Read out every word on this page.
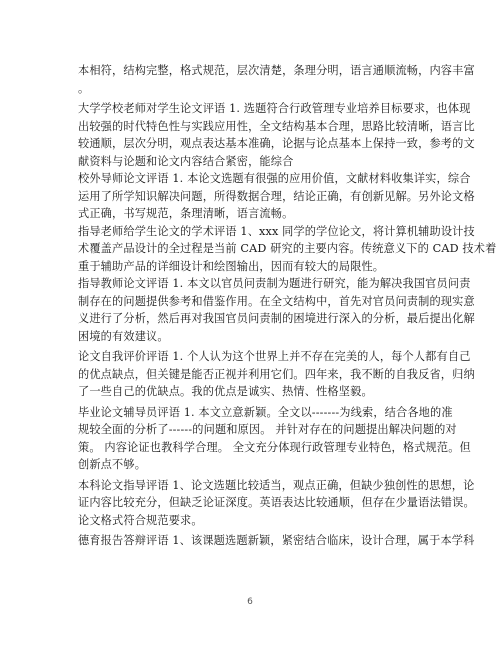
本相符，结构完整，格式规范，层次清楚，条理分明，语言通顺流畅，内容丰富
。
大学学校老师对学生论文评语 1. 选题符合行政管理专业培养目标要求，也体现
出较强的时代特色性与实践应用性，全文结构基本合理，思路比较清晰，语言比
较通顺，层次分明，观点表达基本准确，论据与论点基本上保持一致，参考的文
献资料与论题和论文内容结合紧密，能综合
校外导师论文评语 1. 本论文选题有很强的应用价值，文献材料收集详实，综合
运用了所学知识解决问题，所得数据合理，结论正确，有创新见解。另外论文格
式正确，书写规范，条理清晰，语言流畅。
指导老师给学生论文的学术评语 1、xxx 同学的学位论文，将计算机辅助设计技
术覆盖产品设计的全过程是当前 CAD 研究的主要内容。传统意义下的 CAD 技术着
重于辅助产品的详细设计和绘图输出，因而有较大的局限性。
指导教师论文评语 1. 本文以官员问责制为题进行研究，能为解决我国官员问责
制存在的问题提供参考和借鉴作用。在全文结构中，首先对官员问责制的现实意
义进行了分析，然后再对我国官员问责制的困境进行深入的分析，最后提出化解
困境的有效建议。
论文自我评价评语 1. 个人认为这个世界上并不存在完美的人，每个人都有自己
的优点缺点，但关键是能否正视并利用它们。四年来，我不断的自我反省，归纳
了一些自己的优缺点。我的优点是诚实、热情、性格坚毅。
毕业论文辅导员评语 1. 本文立意新颖。全文以-------为线索，结合各地的准
规较全面的分析了------的问题和原因。 并针对存在的问题提出解决问题的对
策。 内容论证也教科学合理。 全文充分体现行政管理专业特色，格式规范。但
创新点不够。
本科论文指导评语 1、论文选题比较适当，观点正确，但缺少独创性的思想，论
证内容比较充分，但缺乏论证深度。英语表达比较通顺，但存在少量语法错误。
论文格式符合规范要求。
德育报告答辩评语 1、该课题选题新颖，紧密结合临床，设计合理，属于本学科
6
